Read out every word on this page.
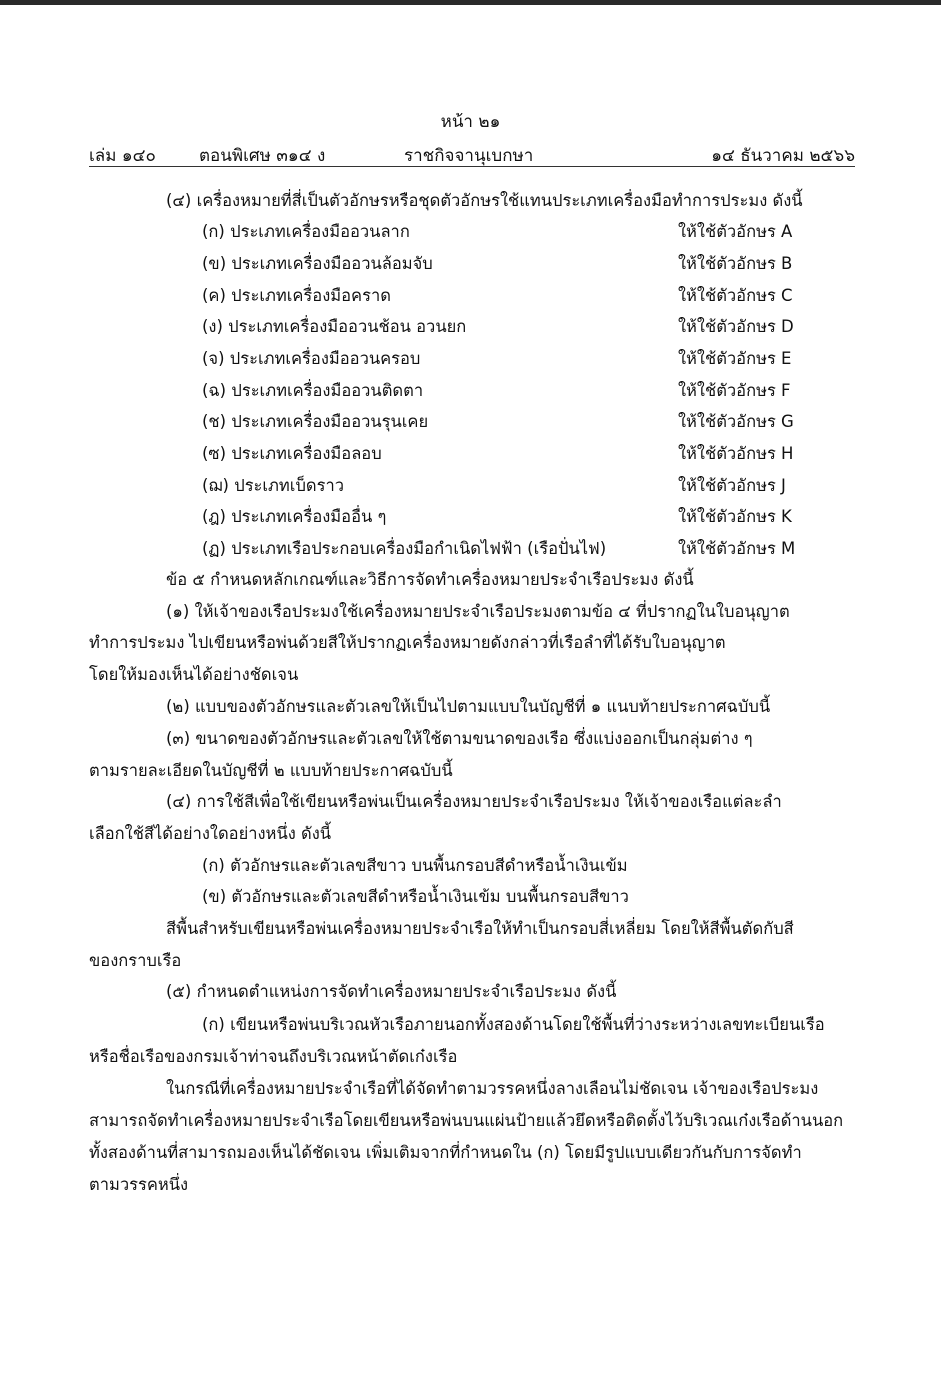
หน้า ๒๑
เล่ม ๑๔๐	ตอนพิเศษ ๓๑๔ ง	ราชกิจจานุเบกษา	๑๔ ธันวาคม ๒๕๖๖
(๔) เครื่องหมายที่สี่เป็นตัวอักษรหรือชุดตัวอักษรใช้แทนประเภทเครื่องมือทำการประมง ดังนี้
(ก) ประเภทเครื่องมืออวนลาก	ให้ใช้ตัวอักษร A
(ข) ประเภทเครื่องมืออวนล้อมจับ	ให้ใช้ตัวอักษร B
(ค) ประเภทเครื่องมือคราด	ให้ใช้ตัวอักษร C
(ง) ประเภทเครื่องมืออวนช้อน อวนยก	ให้ใช้ตัวอักษร D
(จ) ประเภทเครื่องมืออวนครอบ	ให้ใช้ตัวอักษร E
(ฉ) ประเภทเครื่องมืออวนติดตา	ให้ใช้ตัวอักษร F
(ช) ประเภทเครื่องมืออวนรุนเคย	ให้ใช้ตัวอักษร G
(ซ) ประเภทเครื่องมือลอบ	ให้ใช้ตัวอักษร H
(ฌ) ประเภทเบ็ดราว	ให้ใช้ตัวอักษร J
(ฎ) ประเภทเครื่องมืออื่น ๆ	ให้ใช้ตัวอักษร K
(ฏ) ประเภทเรือประกอบเครื่องมือกำเนิดไฟฟ้า (เรือปั่นไฟ)	ให้ใช้ตัวอักษร M
ข้อ ๕ กำหนดหลักเกณฑ์และวิธีการจัดทำเครื่องหมายประจำเรือประมง ดังนี้
(๑) ให้เจ้าของเรือประมงใช้เครื่องหมายประจำเรือประมงตามข้อ ๔ ที่ปรากฏในใบอนุญาต
ทำการประมง ไปเขียนหรือพ่นด้วยสีให้ปรากฏเครื่องหมายดังกล่าวที่เรือลำที่ได้รับใบอนุญาต
โดยให้มองเห็นได้อย่างชัดเจน
(๒) แบบของตัวอักษรและตัวเลขให้เป็นไปตามแบบในบัญชีที่ ๑ แนบท้ายประกาศฉบับนี้
(๓) ขนาดของตัวอักษรและตัวเลขให้ใช้ตามขนาดของเรือ ซึ่งแบ่งออกเป็นกลุ่มต่าง ๆ
ตามรายละเอียดในบัญชีที่ ๒ แบบท้ายประกาศฉบับนี้
(๔) การใช้สีเพื่อใช้เขียนหรือพ่นเป็นเครื่องหมายประจำเรือประมง ให้เจ้าของเรือแต่ละลำ
เลือกใช้สีได้อย่างใดอย่างหนึ่ง ดังนี้
(ก) ตัวอักษรและตัวเลขสีขาว บนพื้นกรอบสีดำหรือน้ำเงินเข้ม
(ข) ตัวอักษรและตัวเลขสีดำหรือน้ำเงินเข้ม บนพื้นกรอบสีขาว
สีพื้นสำหรับเขียนหรือพ่นเครื่องหมายประจำเรือให้ทำเป็นกรอบสี่เหลี่ยม โดยให้สีพื้นตัดกับสี
ของกราบเรือ
(๕) กำหนดตำแหน่งการจัดทำเครื่องหมายประจำเรือประมง ดังนี้
(ก) เขียนหรือพ่นบริเวณหัวเรือภายนอกทั้งสองด้านโดยใช้พื้นที่ว่างระหว่างเลขทะเบียนเรือ
หรือชื่อเรือของกรมเจ้าท่าจนถึงบริเวณหน้าตัดเก๋งเรือ
ในกรณีที่เครื่องหมายประจำเรือที่ได้จัดทำตามวรรคหนึ่งลางเลือนไม่ชัดเจน เจ้าของเรือประมง
สามารถจัดทำเครื่องหมายประจำเรือโดยเขียนหรือพ่นบนแผ่นป้ายแล้วยึดหรือติดตั้งไว้บริเวณเก๋งเรือด้านนอก
ทั้งสองด้านที่สามารถมองเห็นได้ชัดเจน เพิ่มเติมจากที่กำหนดใน (ก) โดยมีรูปแบบเดียวกันกับการจัดทำ
ตามวรรคหนึ่ง
